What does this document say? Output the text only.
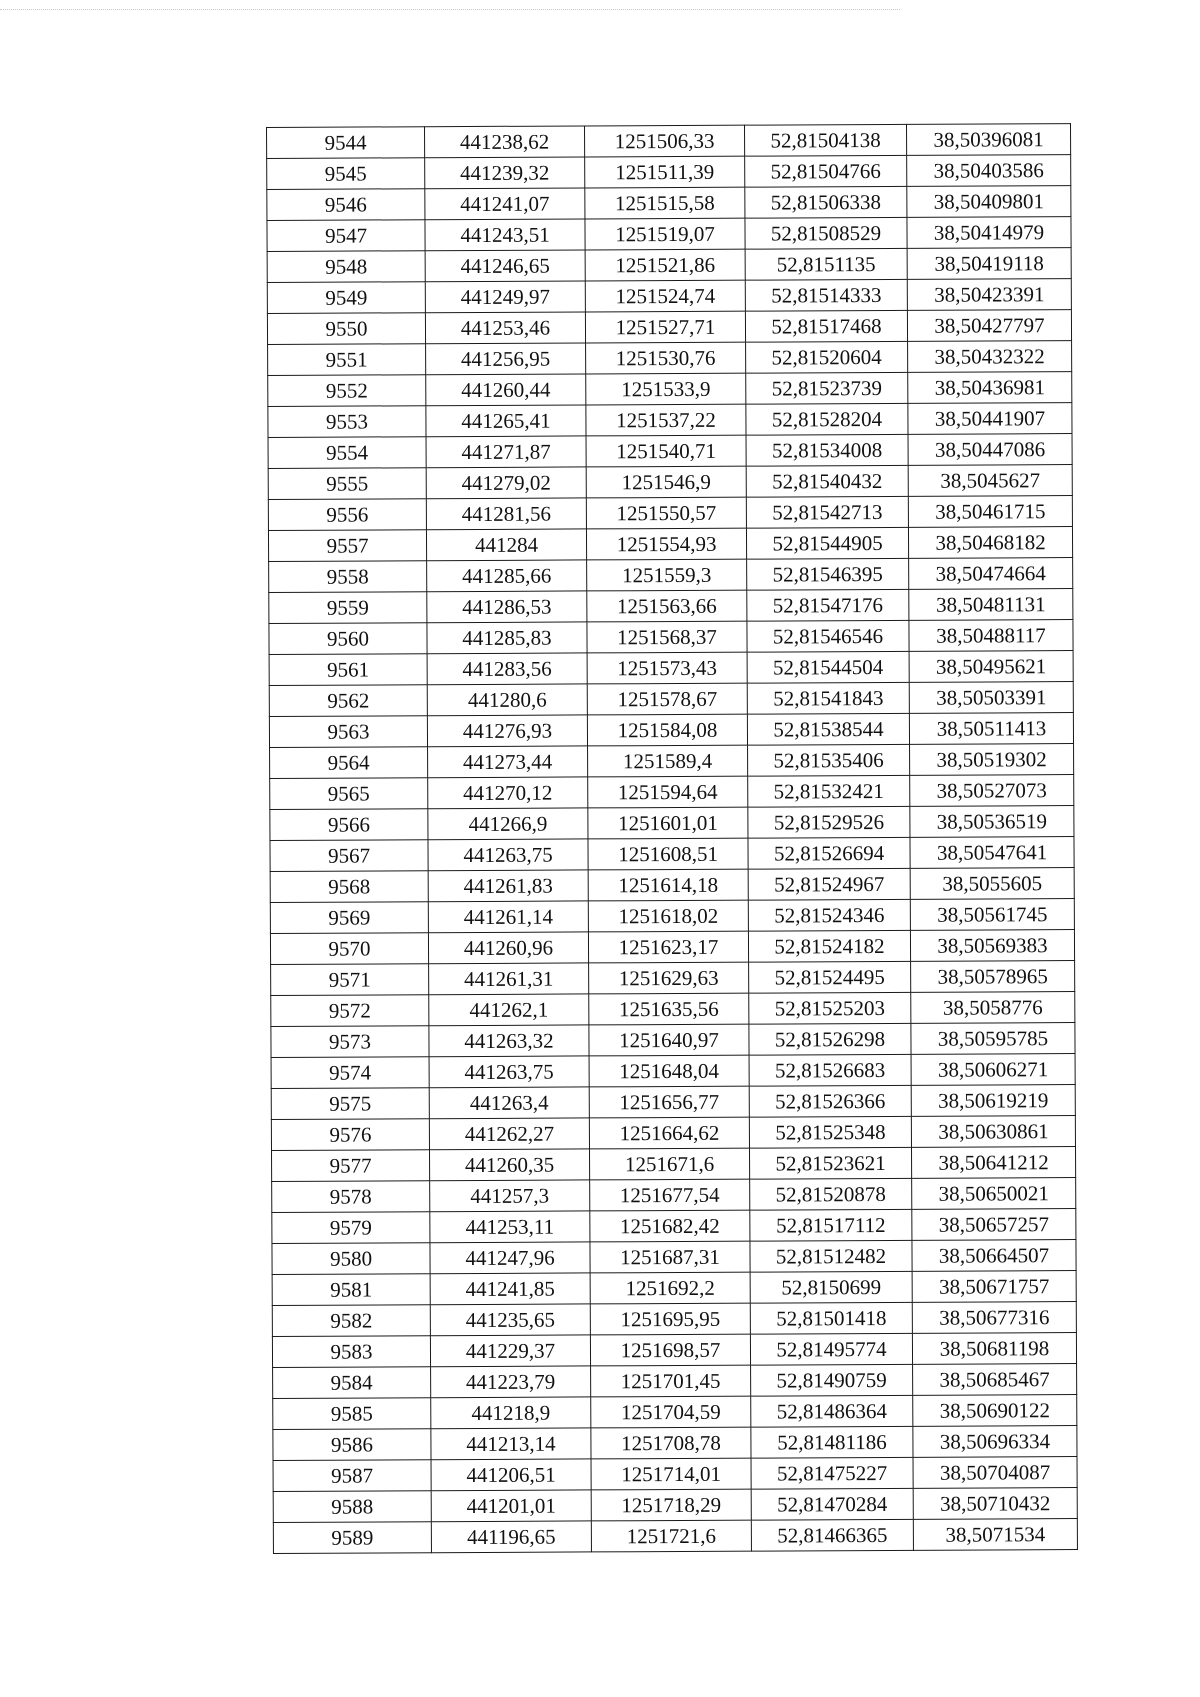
9544	441238,62	1251506,33	52,81504138	38,50396081
9545	441239,32	1251511,39	52,81504766	38,50403586
9546	441241,07	1251515,58	52,81506338	38,50409801
9547	441243,51	1251519,07	52,81508529	38,50414979
9548	441246,65	1251521,86	52,8151135	38,50419118
9549	441249,97	1251524,74	52,81514333	38,50423391
9550	441253,46	1251527,71	52,81517468	38,50427797
9551	441256,95	1251530,76	52,81520604	38,50432322
9552	441260,44	1251533,9	52,81523739	38,50436981
9553	441265,41	1251537,22	52,81528204	38,50441907
9554	441271,87	1251540,71	52,81534008	38,50447086
9555	441279,02	1251546,9	52,81540432	38,5045627
9556	441281,56	1251550,57	52,81542713	38,50461715
9557	441284	1251554,93	52,81544905	38,50468182
9558	441285,66	1251559,3	52,81546395	38,50474664
9559	441286,53	1251563,66	52,81547176	38,50481131
9560	441285,83	1251568,37	52,81546546	38,50488117
9561	441283,56	1251573,43	52,81544504	38,50495621
9562	441280,6	1251578,67	52,81541843	38,50503391
9563	441276,93	1251584,08	52,81538544	38,50511413
9564	441273,44	1251589,4	52,81535406	38,50519302
9565	441270,12	1251594,64	52,81532421	38,50527073
9566	441266,9	1251601,01	52,81529526	38,50536519
9567	441263,75	1251608,51	52,81526694	38,50547641
9568	441261,83	1251614,18	52,81524967	38,5055605
9569	441261,14	1251618,02	52,81524346	38,50561745
9570	441260,96	1251623,17	52,81524182	38,50569383
9571	441261,31	1251629,63	52,81524495	38,50578965
9572	441262,1	1251635,56	52,81525203	38,5058776
9573	441263,32	1251640,97	52,81526298	38,50595785
9574	441263,75	1251648,04	52,81526683	38,50606271
9575	441263,4	1251656,77	52,81526366	38,50619219
9576	441262,27	1251664,62	52,81525348	38,50630861
9577	441260,35	1251671,6	52,81523621	38,50641212
9578	441257,3	1251677,54	52,81520878	38,50650021
9579	441253,11	1251682,42	52,81517112	38,50657257
9580	441247,96	1251687,31	52,81512482	38,50664507
9581	441241,85	1251692,2	52,8150699	38,50671757
9582	441235,65	1251695,95	52,81501418	38,50677316
9583	441229,37	1251698,57	52,81495774	38,50681198
9584	441223,79	1251701,45	52,81490759	38,50685467
9585	441218,9	1251704,59	52,81486364	38,50690122
9586	441213,14	1251708,78	52,81481186	38,50696334
9587	441206,51	1251714,01	52,81475227	38,50704087
9588	441201,01	1251718,29	52,81470284	38,50710432
9589	441196,65	1251721,6	52,81466365	38,5071534
